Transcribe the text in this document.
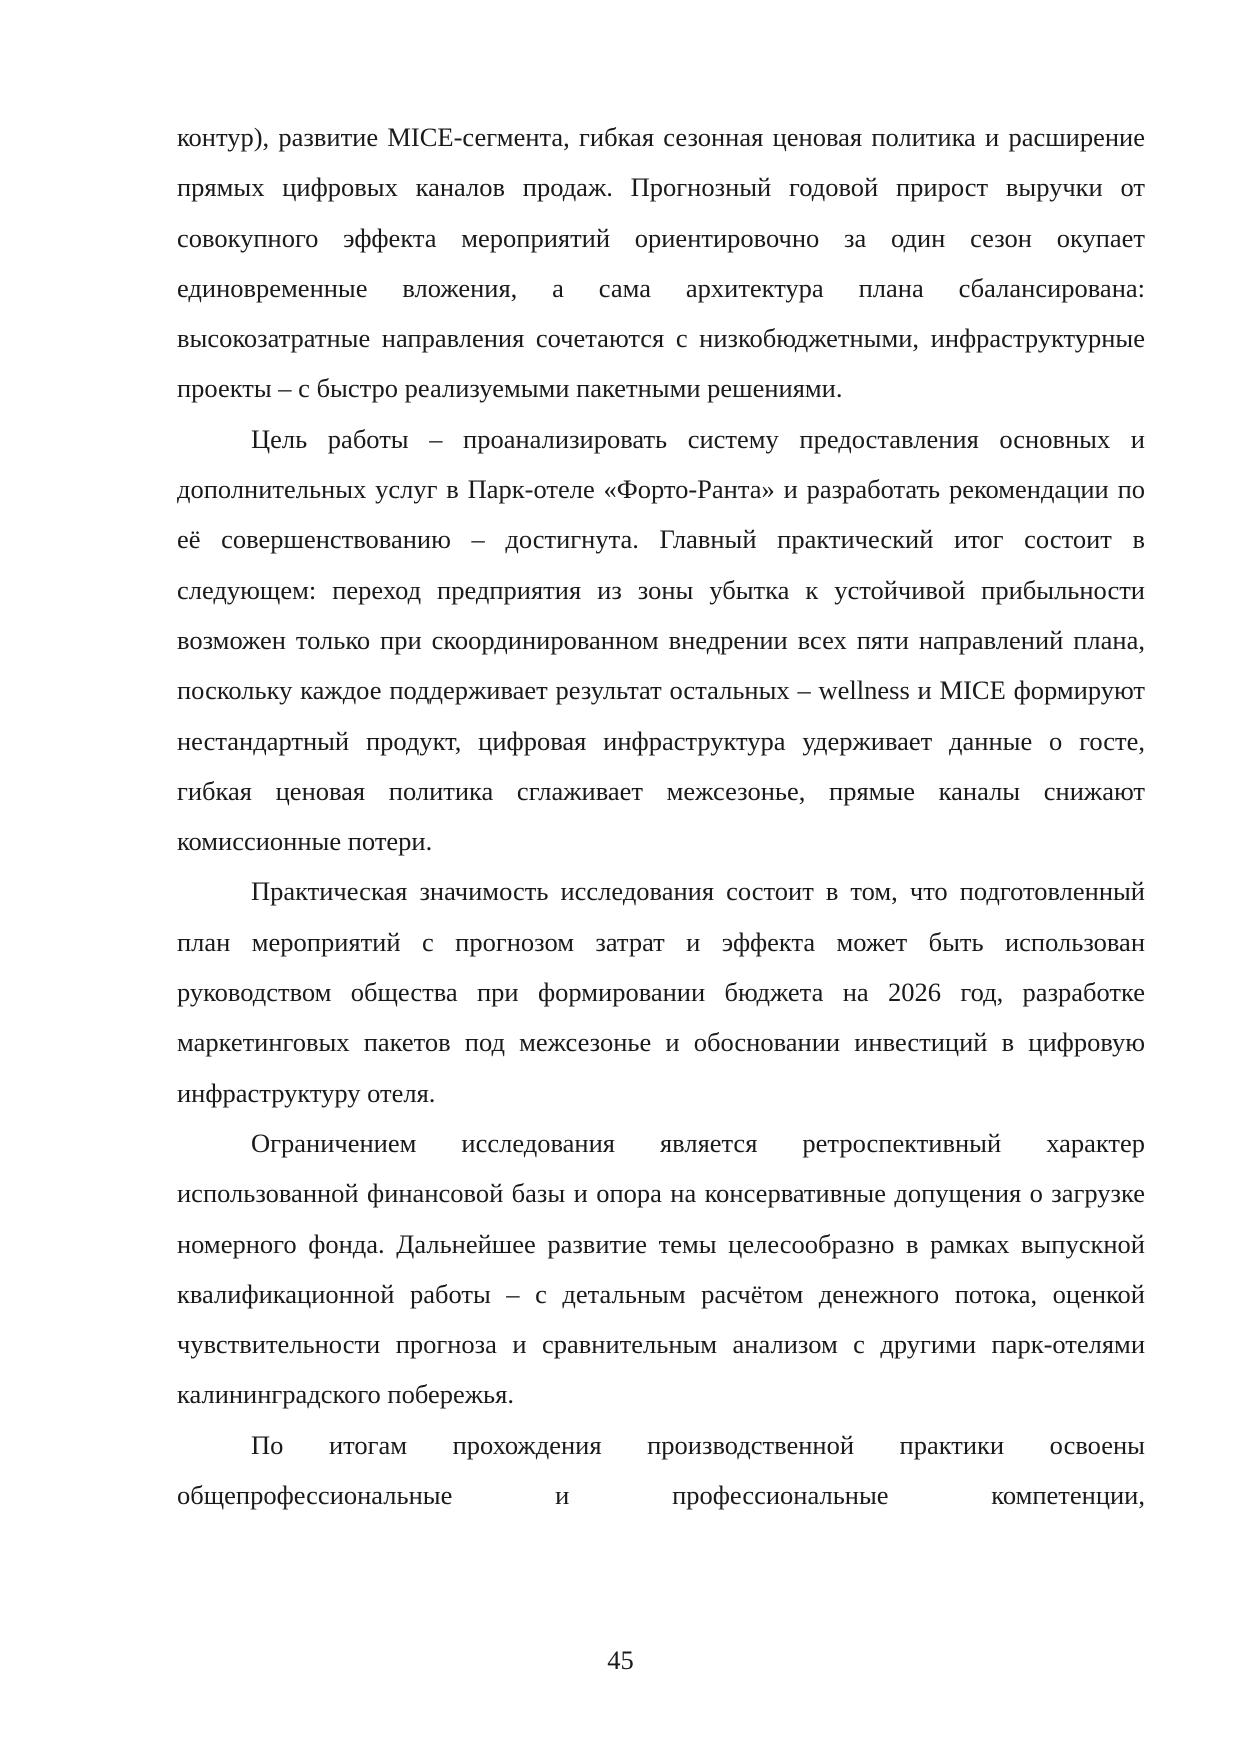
контур), развитие MICE-сегмента, гибкая сезонная ценовая политика и расширение прямых цифровых каналов продаж. Прогнозный годовой прирост выручки от совокупного эффекта мероприятий ориентировочно за один сезон окупает единовременные вложения, а сама архитектура плана сбалансирована: высокозатратные направления сочетаются с низкобюджетными, инфраструктурные проекты – с быстро реализуемыми пакетными решениями.

Цель работы – проанализировать систему предоставления основных и дополнительных услуг в Парк-отеле «Форто-Ранта» и разработать рекомендации по её совершенствованию – достигнута. Главный практический итог состоит в следующем: переход предприятия из зоны убытка к устойчивой прибыльности возможен только при скоординированном внедрении всех пяти направлений плана, поскольку каждое поддерживает результат остальных – wellness и MICE формируют нестандартный продукт, цифровая инфраструктура удерживает данные о госте, гибкая ценовая политика сглаживает межсезонье, прямые каналы снижают комиссионные потери.

Практическая значимость исследования состоит в том, что подготовленный план мероприятий с прогнозом затрат и эффекта может быть использован руководством общества при формировании бюджета на 2026 год, разработке маркетинговых пакетов под межсезонье и обосновании инвестиций в цифровую инфраструктуру отеля.

Ограничением исследования является ретроспективный характер использованной финансовой базы и опора на консервативные допущения о загрузке номерного фонда. Дальнейшее развитие темы целесообразно в рамках выпускной квалификационной работы – с детальным расчётом денежного потока, оценкой чувствительности прогноза и сравнительным анализом с другими парк-отелями калининградского побережья.

По итогам прохождения производственной практики освоены общепрофессиональные и профессиональные компетенции,

45
